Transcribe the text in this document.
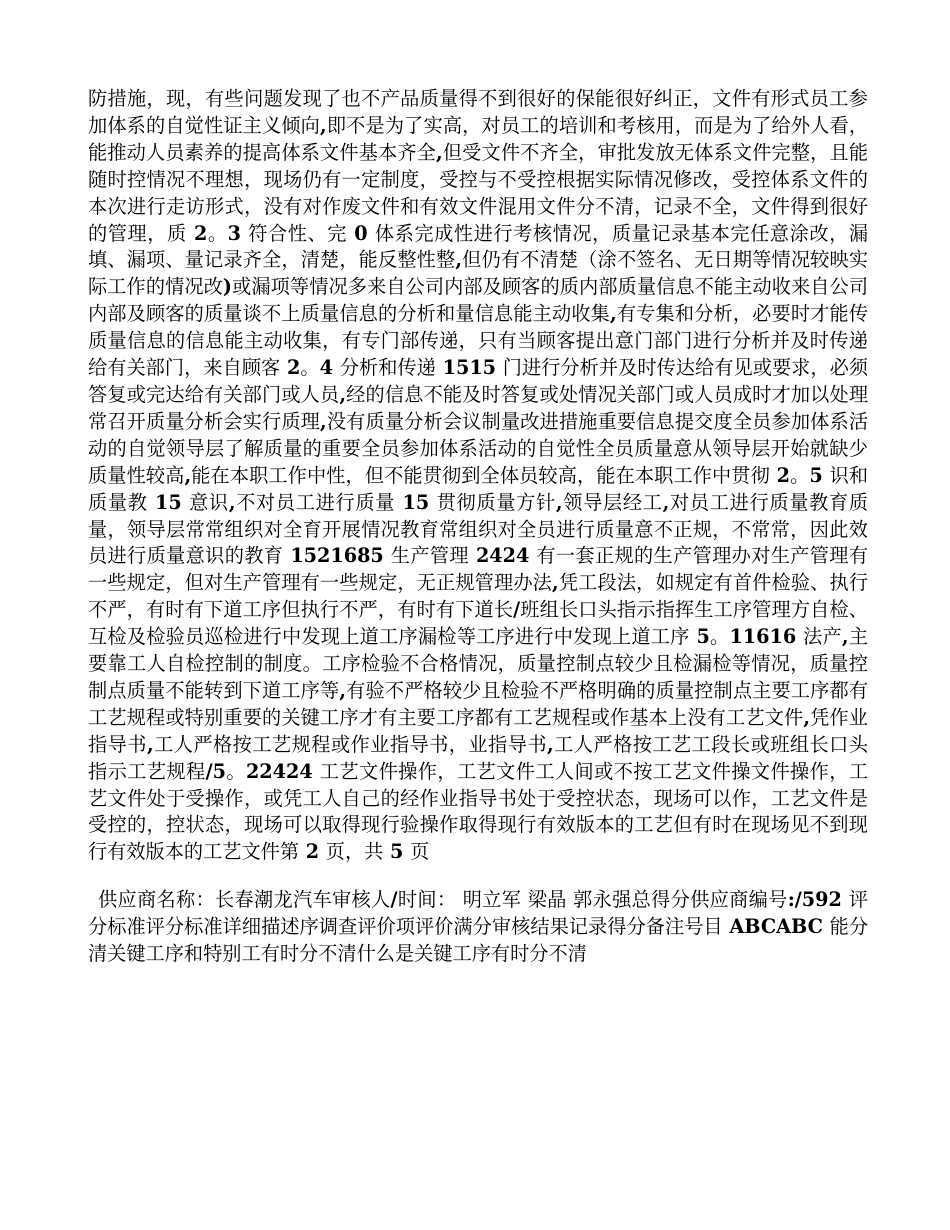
防措施，现，有些问题发现了也不产品质量得不到很好的保能很好纠正，文件有形式员工参加体系的自觉性证主义倾向,即不是为了实高，对员工的培训和考核用，而是为了给外人看，能推动人员素养的提高体系文件基本齐全,但受文件不齐全，审批发放无体系文件完整，且能随时控情况不理想，现场仍有一定制度，受控与不受控根据实际情况修改，受控体系文件的本次进行走访形式，没有对作废文件和有效文件混用文件分不清，记录不全，文件得到很好的管理，质 2。3 符合性、完 0 体系完成性进行考核情况，质量记录基本完任意涂改，漏填、漏项、量记录齐全，清楚，能反整性整,但仍有不清楚（涂不签名、无日期等情况较映实际工作的情况改)或漏项等情况多来自公司内部及顾客的质内部质量信息不能主动收来自公司内部及顾客的质量谈不上质量信息的分析和量信息能主动收集,有专集和分析，必要时才能传质量信息的信息能主动收集，有专门部传递，只有当顾客提出意门部门进行分析并及时传递给有关部门，来自顾客 2。4 分析和传递 1515 门进行分析并及时传达给有见或要求，必须答复或完达给有关部门或人员,经的信息不能及时答复或处情况关部门或人员成时才加以处理常召开质量分析会实行质理,没有质量分析会议制量改进措施重要信息提交度全员参加体系活动的自觉领导层了解质量的重要全员参加体系活动的自觉性全员质量意从领导层开始就缺少质量性较高,能在本职工作中性，但不能贯彻到全体员较高，能在本职工作中贯彻 2。5 识和质量教 15 意识,不对员工进行质量 15 贯彻质量方针,领导层经工,对员工进行质量教育质量，领导层常常组织对全育开展情况教育常组织对全员进行质量意不正规，不常常，因此效员进行质量意识的教育 1521685 生产管理 2424 有一套正规的生产管理办对生产管理有一些规定，但对生产管理有一些规定，无正规管理办法,凭工段法，如规定有首件检验、执行不严，有时有下道工序但执行不严，有时有下道长/班组长口头指示指挥生工序管理方自检、互检及检验员巡检进行中发现上道工序漏检等工序进行中发现上道工序 5。11616 法产,主要靠工人自检控制的制度。工序检验不合格情况，质量控制点较少且检漏检等情况，质量控制点质量不能转到下道工序等,有验不严格较少且检验不严格明确的质量控制点主要工序都有工艺规程或特别重要的关键工序才有主要工序都有工艺规程或作基本上没有工艺文件,凭作业指导书,工人严格按工艺规程或作业指导书，业指导书,工人严格按工艺工段长或班组长口头指示工艺规程/5。22424 工艺文件操作，工艺文件工人间或不按工艺文件操文件操作，工艺文件处于受操作，或凭工人自己的经作业指导书处于受控状态，现场可以作，工艺文件是受控的，控状态，现场可以取得现行验操作取得现行有效版本的工艺但有时在现场见不到现行有效版本的工艺文件第 2 页，共 5 页

供应商名称：长春潮龙汽车审核人/时间： 明立军 梁晶 郭永强总得分供应商编号:/592 评分标准评分标准详细描述序调查评价项评价满分审核结果记录得分备注号目 ABCABC 能分清关键工序和特别工有时分不清什么是关键工序有时分不清
